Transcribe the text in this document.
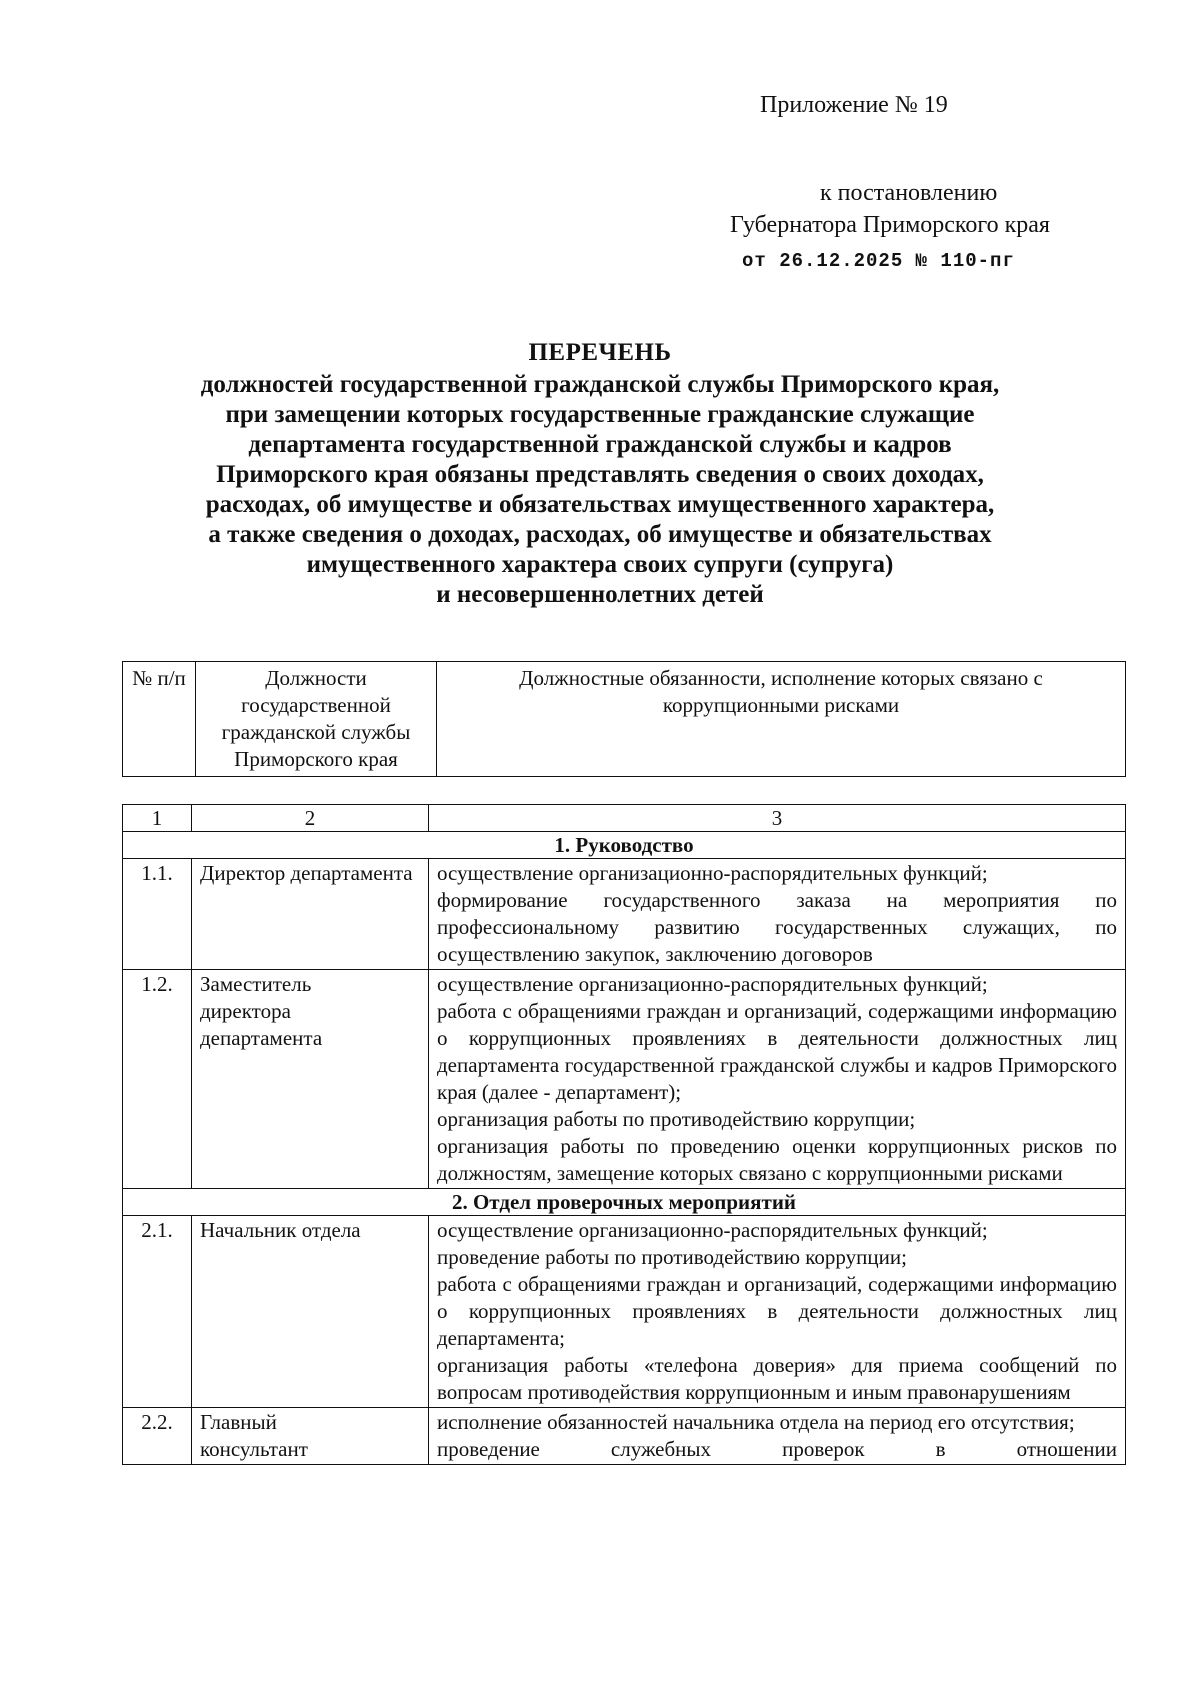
Приложение № 19
к постановлению
Губернатора Приморского края
от 26.12.2025 № 110-пг
ПЕРЕЧЕНЬ
должностей государственной гражданской службы Приморского края,
при замещении которых государственные гражданские служащие
департамента государственной гражданской службы и кадров
Приморского края обязаны представлять сведения о своих доходах,
расходах, об имуществе и обязательствах имущественного характера,
а также сведения о доходах, расходах, об имуществе и обязательствах
имущественного характера своих супруги (супруга)
и несовершеннолетних детей
№ п/п	Должности государственной гражданской службы Приморского края	Должностные обязанности, исполнение которых связано с коррупционными рисками
1	2	3
1. Руководство		
1.1.	Директор департамента	осуществление организационно-распорядительных функций;
формирование государственного заказа на мероприятия по профессиональному развитию государственных служащих, по осуществлению закупок, заключению договоров

1.2.	Заместитель директора департамента	осуществление организационно-распорядительных функций;
работа с обращениями граждан и организаций, содержащими информацию о коррупционных проявлениях в деятельности должностных лиц департамента государственной гражданской службы и кадров Приморского края (далее - департамент);
организация работы по противодействию коррупции;
организация работы по проведению оценки коррупционных рисков по должностям, замещение которых связано с коррупционными рисками

2. Отдел проверочных мероприятий		
2.1.	Начальник отдела	осуществление организационно-распорядительных функций;
проведение работы по противодействию коррупции;
работа с обращениями граждан и организаций, содержащими информацию о коррупционных проявлениях в деятельности должностных лиц департамента;
организация работы «телефона доверия» для приема сообщений по вопросам противодействия коррупционным и иным правонарушениям

2.2.	Главный консультант	исполнение обязанностей начальника отдела на период его отсутствия;
проведение служебных проверок в отношении
